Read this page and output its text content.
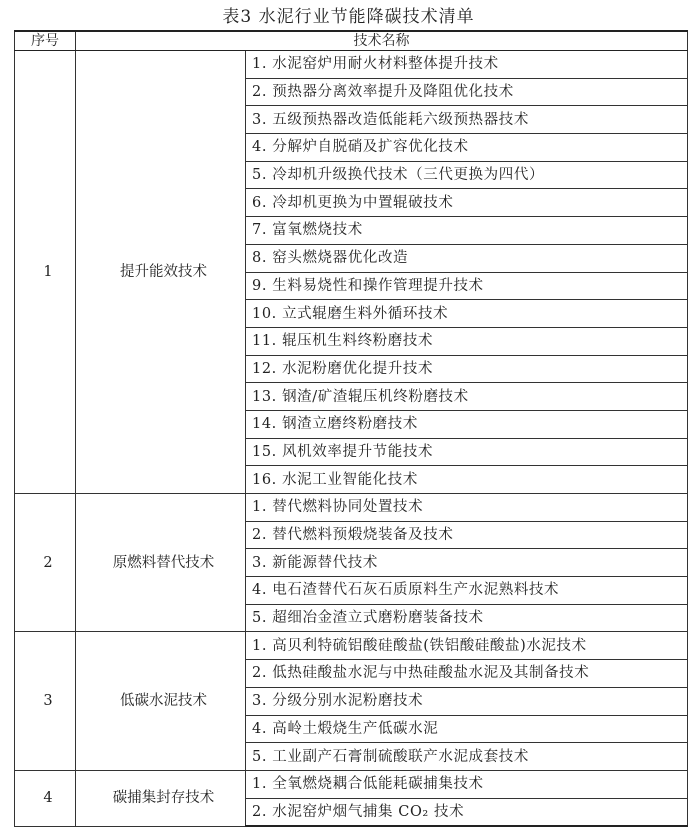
表3 水泥行业节能降碳技术清单
序号	技术名称	
1	提升能效技术	1. 水泥窑炉用耐火材料整体提升技术
		2. 预热器分离效率提升及降阻优化技术
		3. 五级预热器改造低能耗六级预热器技术
		4. 分解炉自脱硝及扩容优化技术
		5. 冷却机升级换代技术（三代更换为四代）
		6. 冷却机更换为中置辊破技术
		7. 富氧燃烧技术
		8. 窑头燃烧器优化改造
		9. 生料易烧性和操作管理提升技术
		10. 立式辊磨生料外循环技术
		11. 辊压机生料终粉磨技术
		12. 水泥粉磨优化提升技术
		13. 钢渣/矿渣辊压机终粉磨技术
		14. 钢渣立磨终粉磨技术
		15. 风机效率提升节能技术
		16. 水泥工业智能化技术
2	原燃料替代技术	1. 替代燃料协同处置技术
		2. 替代燃料预煅烧装备及技术
		3. 新能源替代技术
		4. 电石渣替代石灰石质原料生产水泥熟料技术
		5. 超细冶金渣立式磨粉磨装备技术
3	低碳水泥技术	1. 高贝利特硫铝酸硅酸盐(铁铝酸硅酸盐)水泥技术
		2. 低热硅酸盐水泥与中热硅酸盐水泥及其制备技术
		3. 分级分别水泥粉磨技术
		4. 高岭土煅烧生产低碳水泥
		5. 工业副产石膏制硫酸联产水泥成套技术
4	碳捕集封存技术	1. 全氧燃烧耦合低能耗碳捕集技术
		2. 水泥窑炉烟气捕集 CO₂ 技术
